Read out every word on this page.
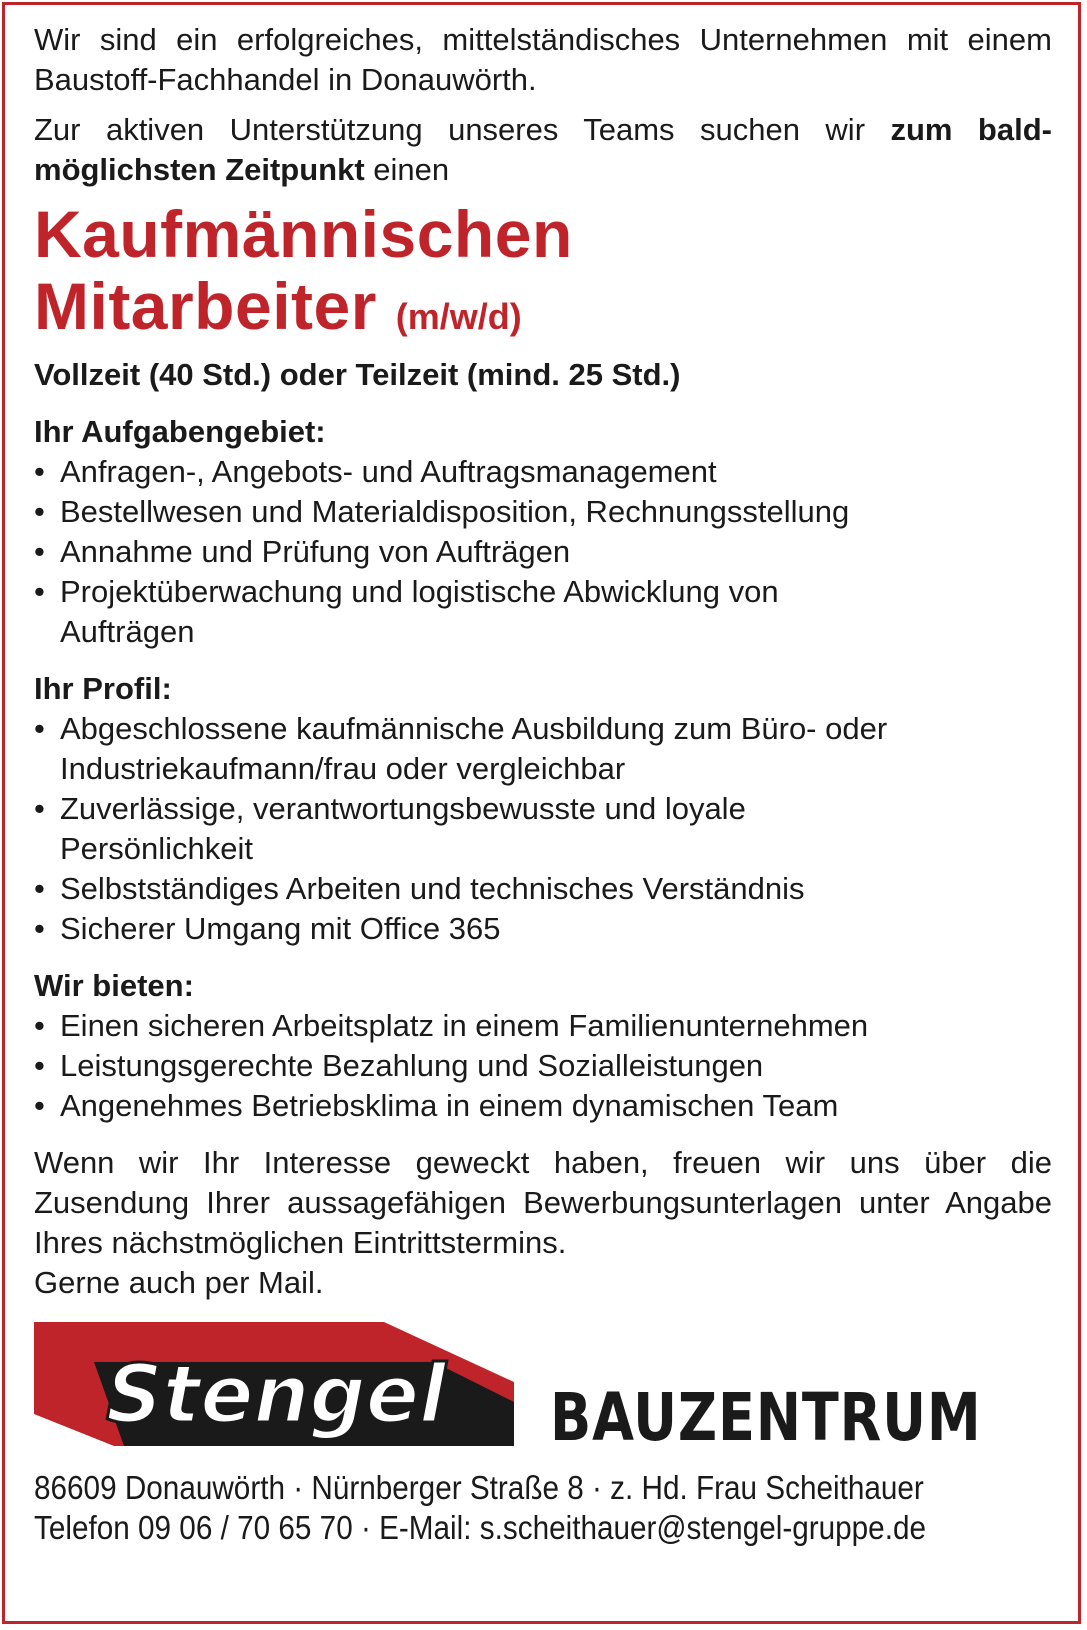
Wir sind ein erfolgreiches, mittelständisches Unternehmen mit einem Baustoff-Fachhandel in Donauwörth.

Zur aktiven Unterstützung unseres Teams suchen wir zum baldmöglichsten Zeitpunkt einen

Kaufmännischen
Mitarbeiter (m/w/d)
Vollzeit (40 Std.) oder Teilzeit (mind. 25 Std.)
Ihr Aufgabengebiet:
• Anfragen-, Angebots- und Auftragsmanagement
• Bestellwesen und Materialdisposition, Rechnungsstellung
• Annahme und Prüfung von Aufträgen
• Projektüberwachung und logistische Abwicklung von Aufträgen
Ihr Profil:
• Abgeschlossene kaufmännische Ausbildung zum Büro- oder Industriekaufmann/frau oder vergleichbar
• Zuverlässige, verantwortungsbewusste und loyale Persönlichkeit
• Selbstständiges Arbeiten und technisches Verständnis
• Sicherer Umgang mit Office 365
Wir bieten:
• Einen sicheren Arbeitsplatz in einem Familienunternehmen
• Leistungsgerechte Bezahlung und Sozialleistungen
• Angenehmes Betriebsklima in einem dynamischen Team

Wenn wir Ihr Interesse geweckt haben, freuen wir uns über die Zusendung Ihrer aussagefähigen Bewerbungsunterlagen unter Angabe Ihres nächstmöglichen Eintrittstermins.

Gerne auch per Mail.

Stengel BAUZENTRUM
86609 Donauwörth · Nürnberger Straße 8 · z. Hd. Frau Scheithauer
Telefon 09 06 / 70 65 70 · E-Mail: s.scheithauer@stengel-gruppe.de
